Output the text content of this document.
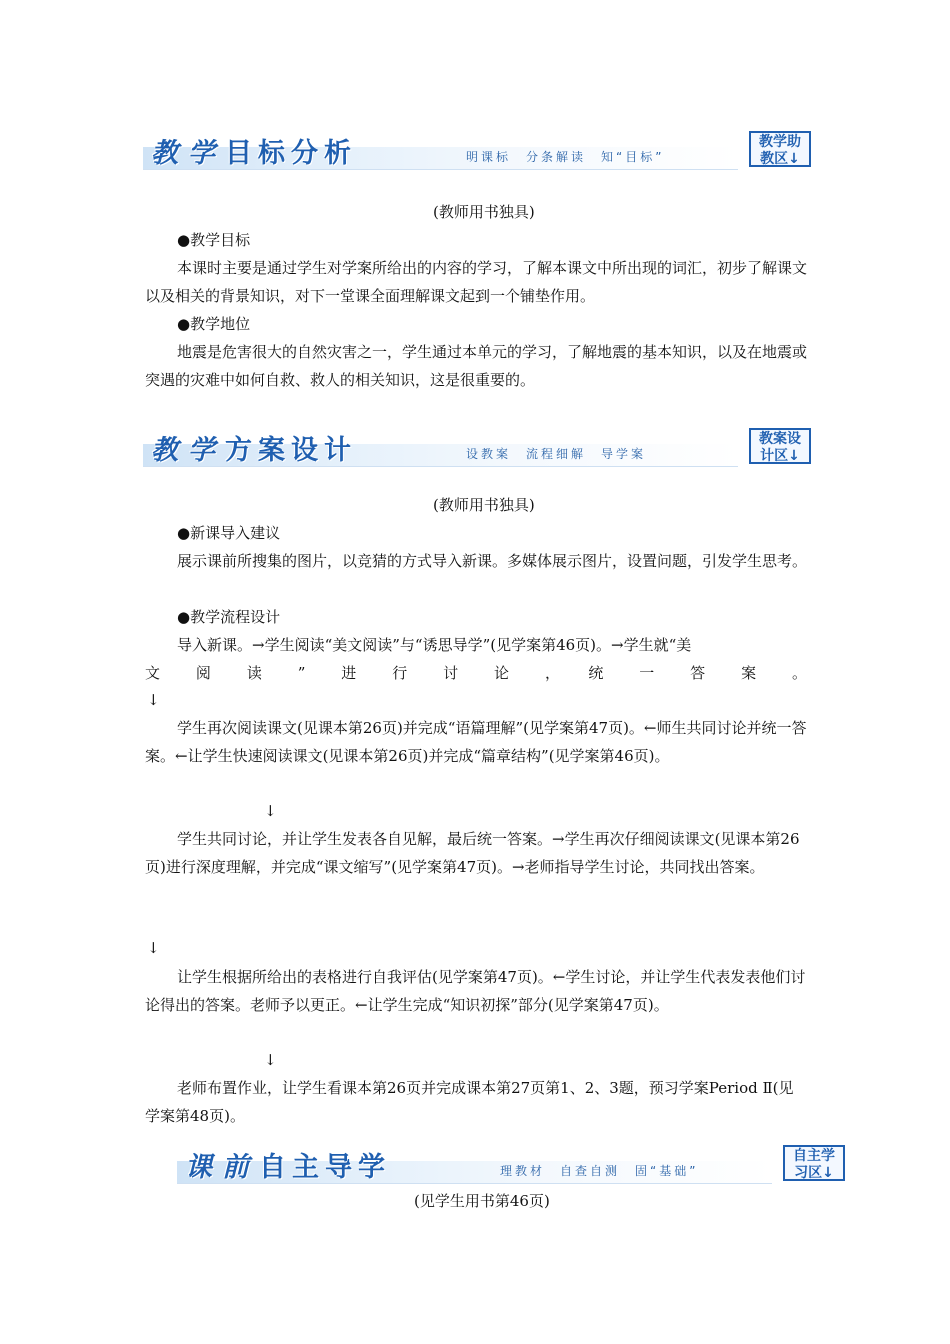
教学目标分析	明课标　分条解读　知“目标”
教学助
教区↓
(教师用书独具)

●教学目标

本课时主要是通过学生对学案所给出的内容的学习，了解本课文中所出现的词汇，初步了解课文以及相关的背景知识，对下一堂课全面理解课文起到一个铺垫作用。

●教学地位

地震是危害很大的自然灾害之一，学生通过本单元的学习，了解地震的基本知识，以及在地震或突遇的灾难中如何自救、救人的相关知识，这是很重要的。

教学方案设计	设教案　流程细解　导学案
教案设
计区↓
(教师用书独具)

●新课导入建议

展示课前所搜集的图片，以竞猜的方式导入新课。多媒体展示图片，设置问题，引发学生思考。

●教学流程设计

导入新课。→学生阅读“美文阅读”与“诱思导学”(见学案第46页)。→学生就“美

文　阅　读　”　进　行　讨　论　，　统　一　答　案　。

↓

学生再次阅读课文(见课本第26页)并完成“语篇理解”(见学案第47页)。←师生共同讨论并统一答案。←让学生快速阅读课文(见课本第26页)并完成“篇章结构”(见学案第46页)。

↓

学生共同讨论，并让学生发表各自见解，最后统一答案。→学生再次仔细阅读课文(见课本第26页)进行深度理解，并完成“课文缩写”(见学案第47页)。→老师指导学生讨论，共同找出答案。

↓

让学生根据所给出的表格进行自我评估(见学案第47页)。←学生讨论，并让学生代表发表他们讨论得出的答案。老师予以更正。←让学生完成“知识初探”部分(见学案第47页)。

↓

老师布置作业，让学生看课本第26页并完成课本第27页第1、2、3题，预习学案Period Ⅱ(见学案第48页)。

课前自主导学	理教材　自查自测　固“基础”
自主学
习区↓
(见学生用书第46页)
